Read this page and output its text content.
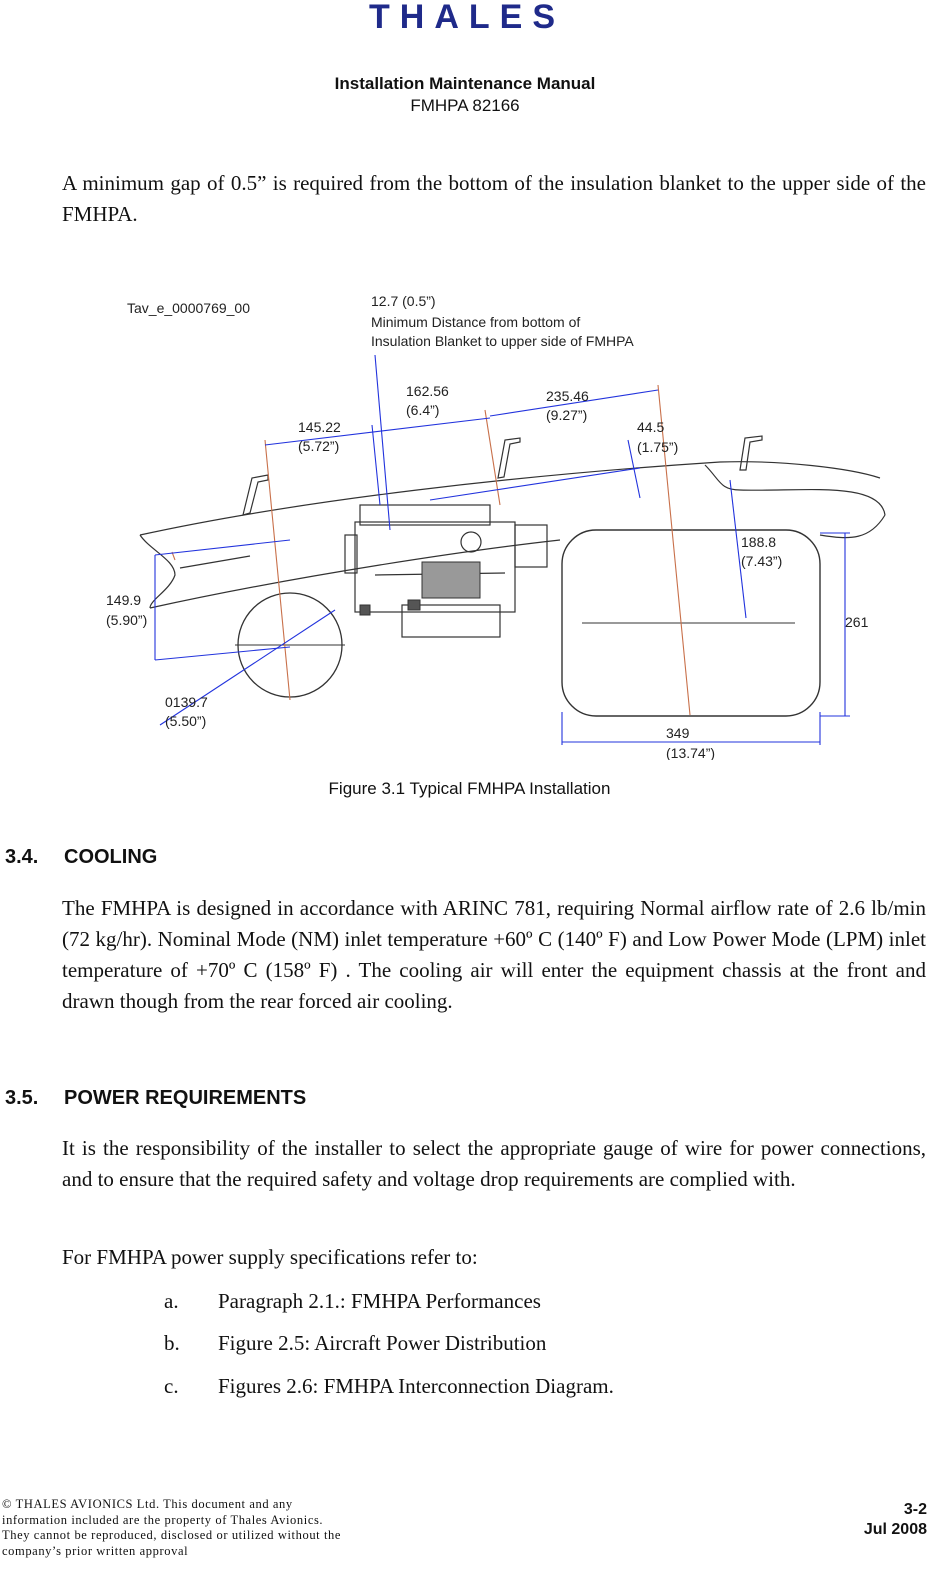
THALES
Installation Maintenance Manual
FMHPA 82166
A minimum gap of 0.5” is required from the bottom of the insulation blanket to the upper side of the FMHPA.
Tav_e_0000769_00	12.7 (0.5”)
Minimum Distance from bottom of
Insulation Blanket to upper side of FMHPA
162.56
(6.4”)
235.46
(9.27”)
145.22
(5.72”)
44.5
(1.75”)
188.8
(7.43”)
261
149.9
(5.90”)
0139.7
(5.50”)
349
(13.74”)
Figure 3.1 Typical FMHPA Installation
3.4. COOLING
The FMHPA is designed in accordance with ARINC 781, requiring Normal airflow rate of 2.6 lb/min (72 kg/hr). Nominal Mode (NM) inlet temperature +60º C (140º F) and Low Power Mode (LPM) inlet temperature of +70º C (158º F) . The cooling air will enter the equipment chassis at the front and drawn though from the rear forced air cooling.
3.5. POWER REQUIREMENTS
It is the responsibility of the installer to select the appropriate gauge of wire for power connections, and to ensure that the required safety and voltage drop requirements are complied with.
For FMHPA power supply specifications refer to:
a. Paragraph 2.1.: FMHPA Performances
b. Figure 2.5: Aircraft Power Distribution
c. Figures 2.6: FMHPA Interconnection Diagram.
© THALES AVIONICS Ltd. This document and any
information included are the property of Thales Avionics.
They cannot be reproduced, disclosed or utilized without the
company’s prior written approval
3-2
Jul 2008
